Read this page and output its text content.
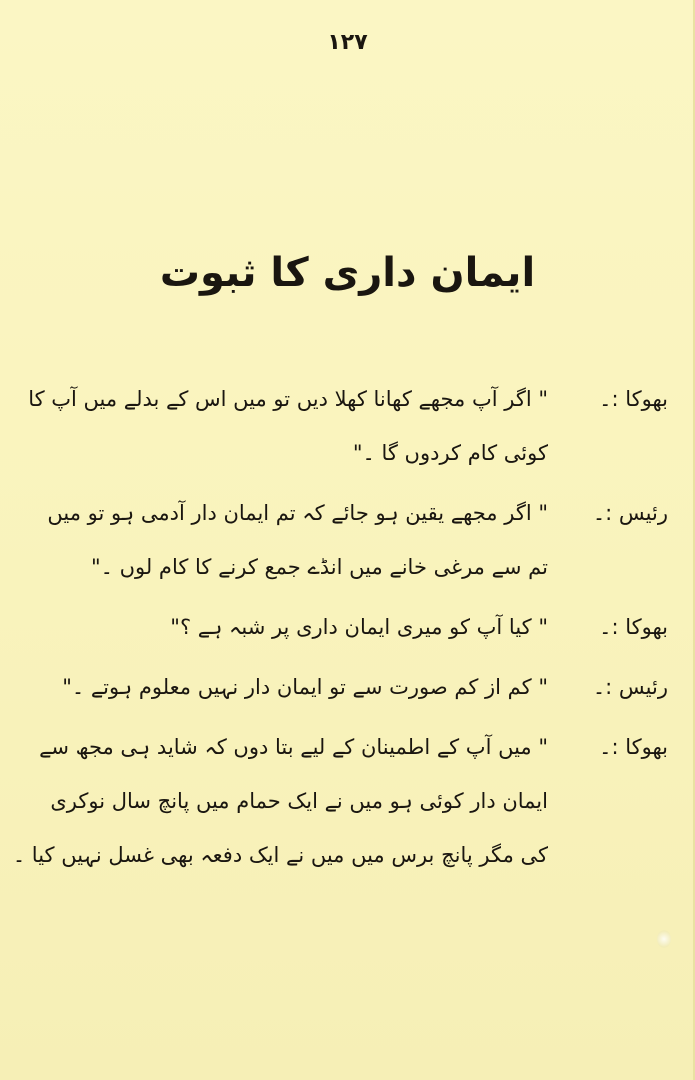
۱۲۷
ایمان داری کا ثبوت
بھوکا :۔
" اگر آپ مجھے کھانا کھلا دیں تو میں اس کے بدلے میں آپ کا
کوئی کام کردوں گا ۔"
رئیس :۔
" اگر مجھے یقین ہو جائے کہ تم ایمان دار آدمی ہو تو میں
تم سے مرغی خانے میں انڈے جمع کرنے کا کام لوں ۔"
بھوکا :۔
" کیا آپ کو میری ایمان داری پر شبہ ہے ؟"
رئیس :۔
" کم از کم صورت سے تو ایمان دار نہیں معلوم ہوتے ۔"
بھوکا :۔
" میں آپ کے اطمینان کے لیے بتا دوں کہ شاید ہی مجھ سے
ایمان دار کوئی ہو میں نے ایک حمام میں پانچ سال نوکری
کی مگر پانچ برس میں میں نے ایک دفعہ بھی غسل نہیں کیا ۔
